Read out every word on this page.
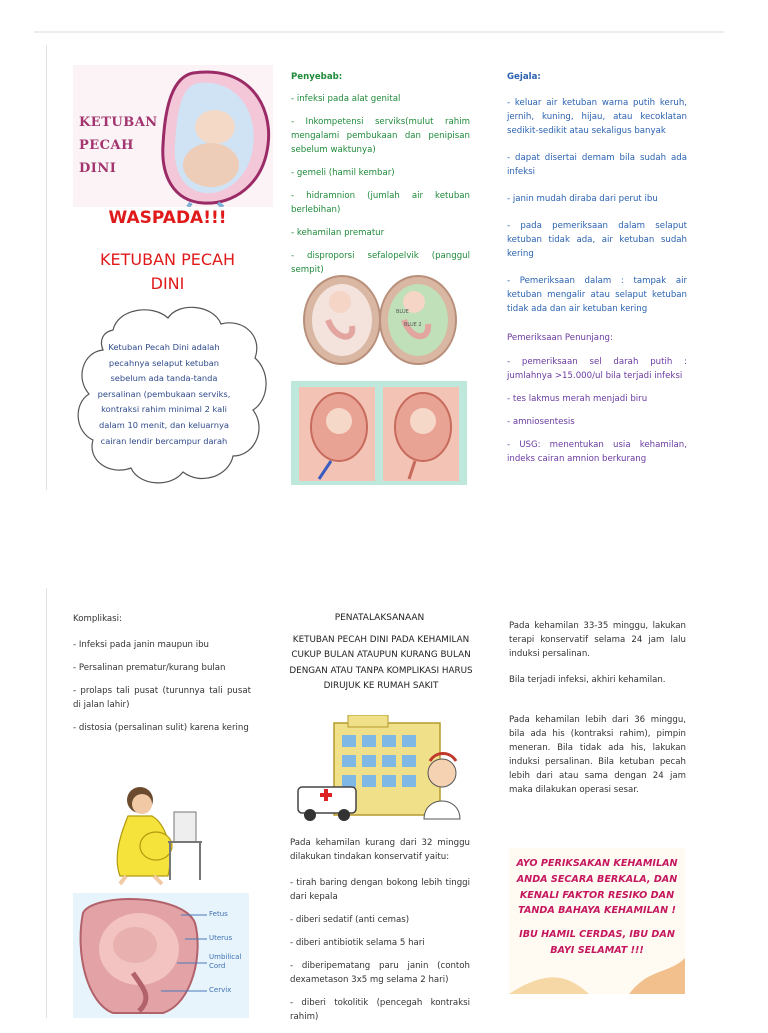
KETUBAN
PECAH
DINI
WASPADA!!!
KETUBAN PECAH
DINI
Ketuban Pecah Dini adalah pecahnya selaput ketuban sebelum ada tanda-tanda persalinan (pembukaan serviks, kontraksi rahim minimal 2 kali dalam 10 menit, dan keluarnya cairan lendir bercampur darah

Penyebab:

- infeksi pada alat genital

- Inkompetensi serviks(mulut rahim mengalami pembukaan dan penipisan sebelum waktunya)

- gemeli (hamil kembar)

- hidramnion (jumlah air ketuban berlebihan)

- kehamilan prematur

- disproporsi sefalopelvik (panggul sempit)

BLUE
BLUE 2

Gejala:

- keluar air ketuban warna putih keruh, jernih, kuning, hijau, atau kecoklatan sedikit-sedikit atau sekaligus banyak

- dapat disertai demam bila sudah ada infeksi

- janin mudah diraba dari perut ibu

- pada pemeriksaan dalam selaput ketuban tidak ada, air ketuban sudah kering

- Pemeriksaan dalam : tampak air ketuban mengalir atau selaput ketuban tidak ada dan air ketuban kering

Pemeriksaan Penunjang:

- pemeriksaan sel darah putih : jumlahnya >15.000/ul bila terjadi infeksi

- tes lakmus merah menjadi biru

- amniosentesis

- USG: menentukan usia kehamilan, indeks cairan amnion berkurang

Komplikasi:

- Infeksi pada janin maupun ibu

- Persalinan prematur/kurang bulan

- prolaps tali pusat (turunnya tali pusat di jalan lahir)

- distosia (persalinan sulit) karena kering

Fetus
Uterus
Umbilical Cord
Cervix
PENATALAKSANAAN
KETUBAN PECAH DINI PADA KEHAMILAN CUKUP BULAN ATAUPUN KURANG BULAN DENGAN ATAU TANPA KOMPLIKASI HARUS DIRUJUK KE RUMAH SAKIT

Pada kehamilan kurang dari 32 minggu dilakukan tindakan konservatif yaitu:

- tirah baring dengan bokong lebih tinggi dari kepala

- diberi sedatif (anti cemas)

- diberi antibiotik selama 5 hari

- diberipematang paru janin (contoh dexametason 3x5 mg selama 2 hari)

- diberi tokolitik (pencegah kontraksi rahim)

Pada kehamilan 33-35 minggu, lakukan terapi konservatif selama 24 jam lalu induksi persalinan.

Bila terjadi infeksi, akhiri kehamilan.

Pada kehamilan lebih dari 36 minggu, bila ada his (kontraksi rahim), pimpin meneran. Bila tidak ada his, lakukan induksi persalinan. Bila ketuban pecah lebih dari atau sama dengan 24 jam maka dilakukan operasi sesar.

AYO PERIKSAKAN KEHAMILAN ANDA SECARA BERKALA, DAN KENALI FAKTOR RESIKO DAN TANDA BAHAYA KEHAMILAN !
IBU HAMIL CERDAS, IBU DAN BAYI SELAMAT !!!
